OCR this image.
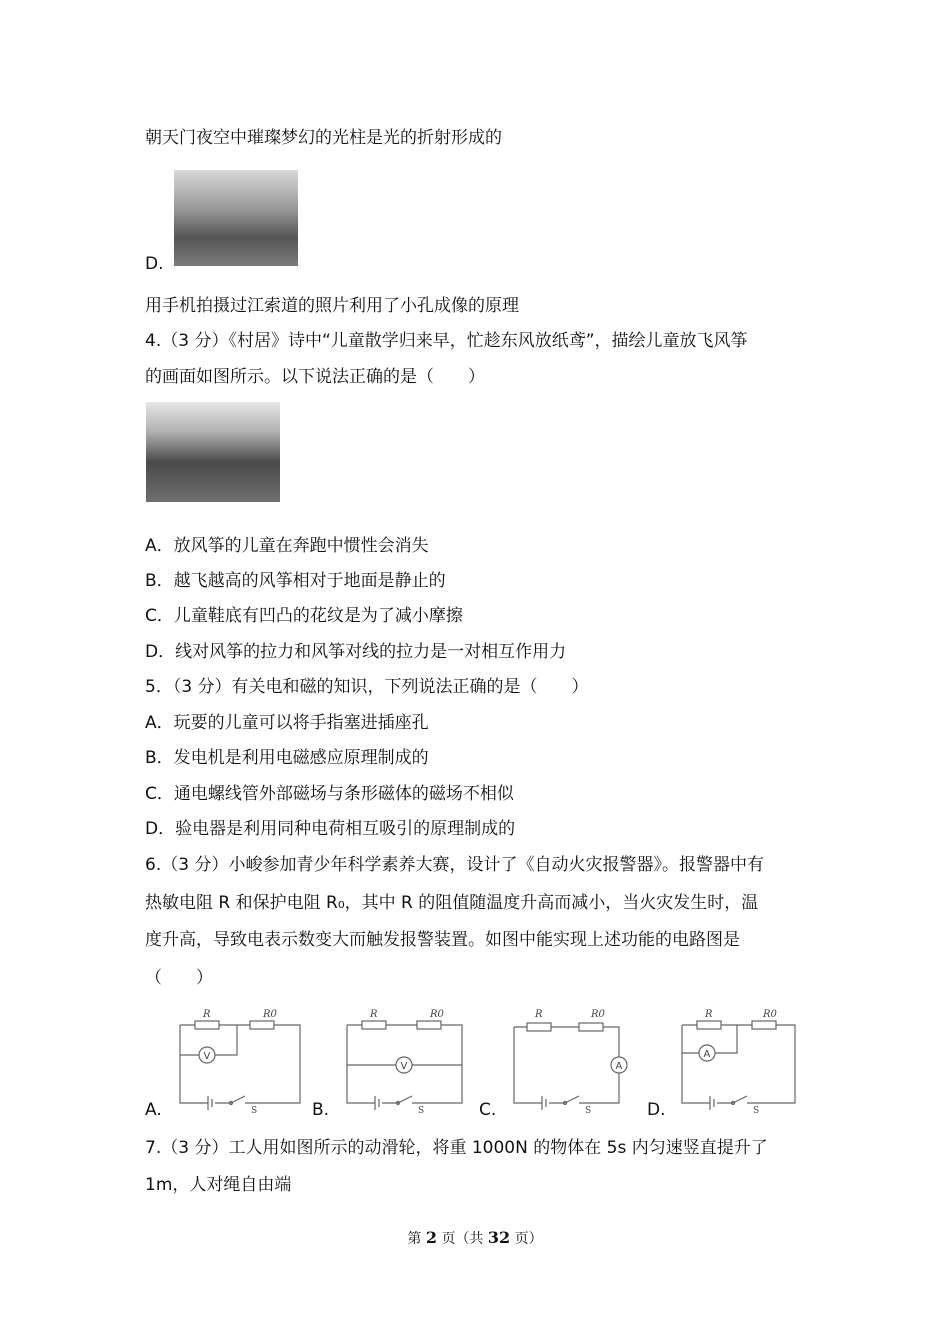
朝天门夜空中璀璨梦幻的光柱是光的折射形成的
D.
用手机拍摄过江索道的照片利用了小孔成像的原理
4.（3 分）《村居》诗中“儿童散学归来早，忙趁东风放纸鸢”，描绘儿童放飞风筝
的画面如图所示。以下说法正确的是（　　）
A．放风筝的儿童在奔跑中惯性会消失
B．越飞越高的风筝相对于地面是静止的
C．儿童鞋底有凹凸的花纹是为了减小摩擦
D．线对风筝的拉力和风筝对线的拉力是一对相互作用力
5．（3 分）有关电和磁的知识，下列说法正确的是（　　）
A．玩要的儿童可以将手指塞进插座孔
B．发电机是利用电磁感应原理制成的
C．通电螺线管外部磁场与条形磁体的磁场不相似
D．验电器是利用同种电荷相互吸引的原理制成的
6.（3 分）小峻参加青少年科学素养大赛，设计了《自动火灾报警器》。报警器中有
热敏电阻 R 和保护电阻 R₀，其中 R 的阻值随温度升高而减小，当火灾发生时，温
度升高，导致电表示数变大而触发报警装置。如图中能实现上述功能的电路图是
（　　）
A.
R	R0
V
S	B.
R	R0
V
S	C.
R	R0
A
S	D.
R	R0
A
S
7.（3 分）工人用如图所示的动滑轮，将重 1000N 的物体在 5s 内匀速竖直提升了
1m，人对绳自由端
第 2 页（共 32 页）
